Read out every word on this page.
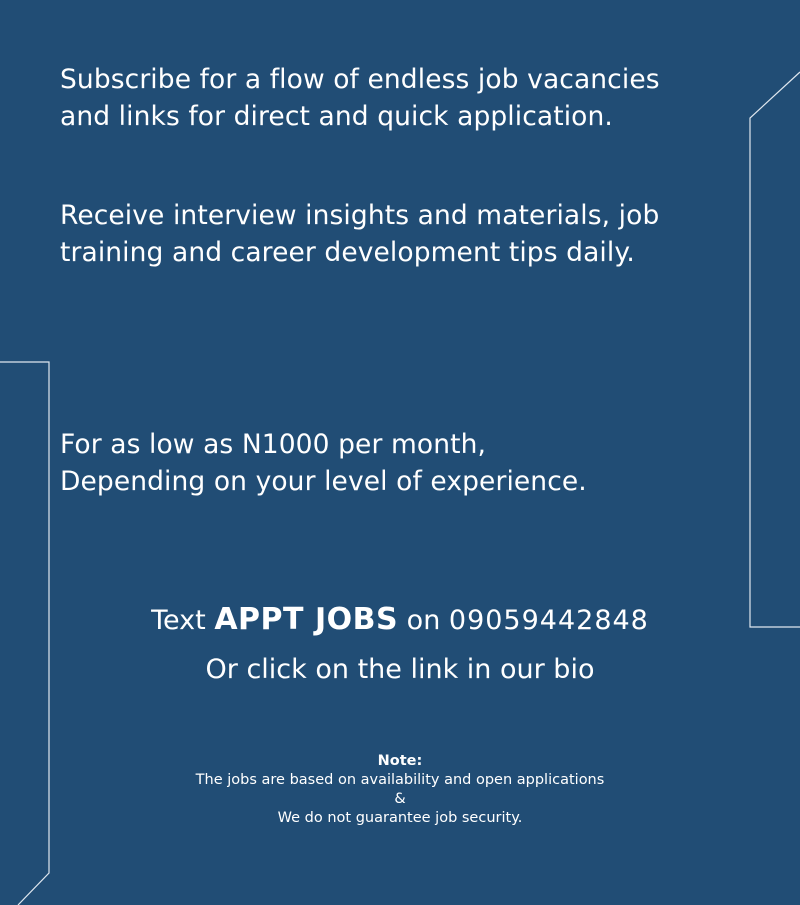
Subscribe for a flow of endless job vacancies
and links for direct and quick application.

Receive interview insights and materials, job
training and career development tips daily.

For as low as N1000 per month,
Depending on your level of experience.

Text APPT JOBS on 09059442848
Or click on the link in our bio
Note:
The jobs are based on availability and open applications
&
We do not guarantee job security.
